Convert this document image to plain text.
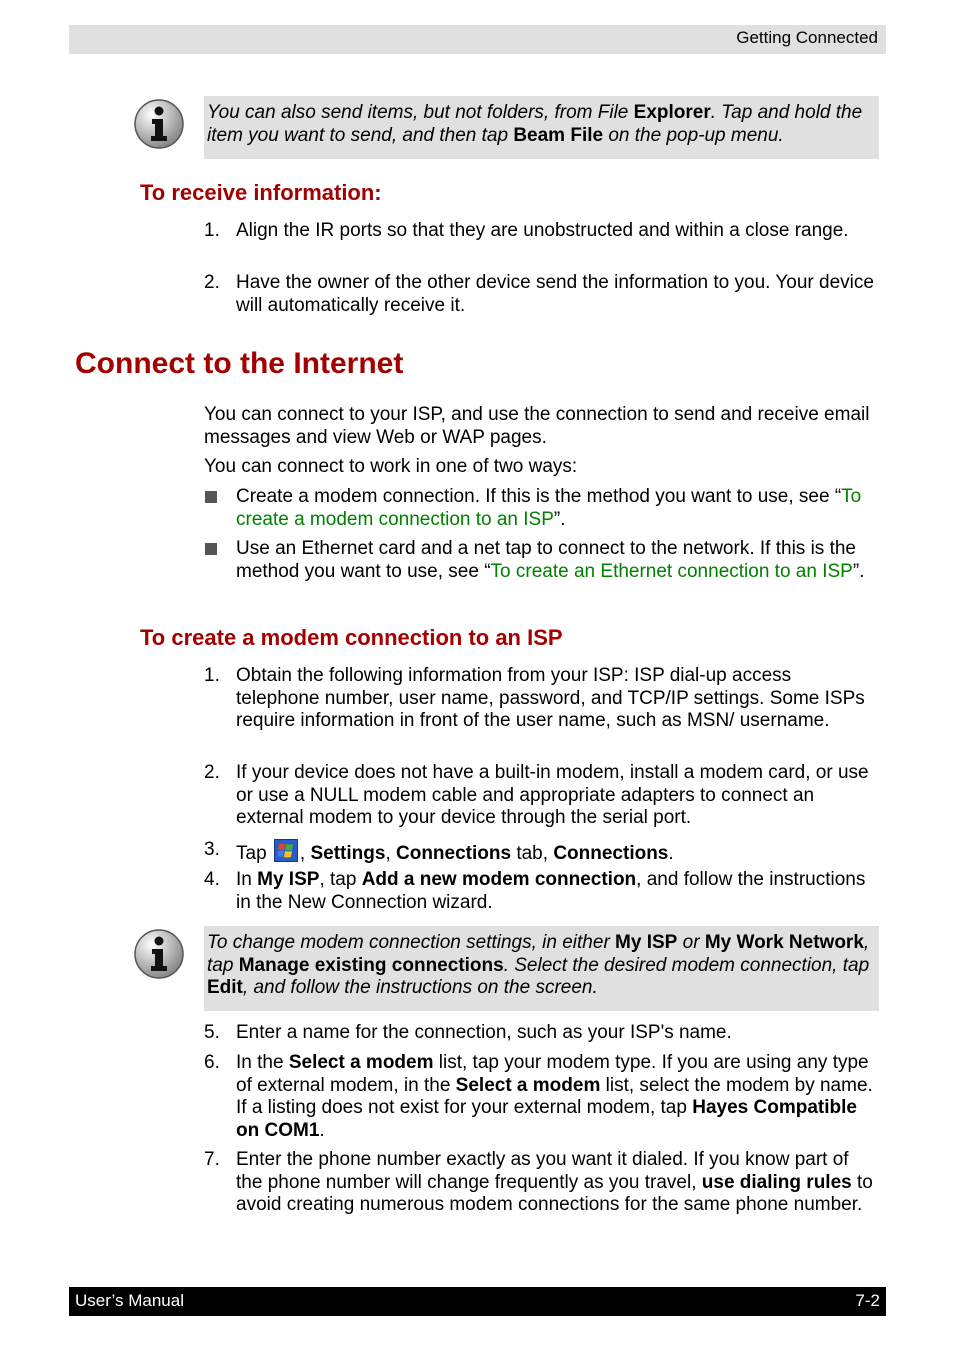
Getting Connected
You can also send items, but not folders, from File Explorer. Tap and hold the item you want to send, and then tap Beam File on the pop-up menu.
To receive information:
1. Align the IR ports so that they are unobstructed and within a close range.
2. Have the owner of the other device send the information to you. Your device will automatically receive it.
Connect to the Internet
You can connect to your ISP, and use the connection to send and receive email messages and view Web or WAP pages.
You can connect to work in one of two ways:
Create a modem connection. If this is the method you want to use, see “To create a modem connection to an ISP”.
Use an Ethernet card and a net tap to connect to the network. If this is the method you want to use, see “To create an Ethernet connection to an ISP”.
To create a modem connection to an ISP
1. Obtain the following information from your ISP: ISP dial-up access telephone number, user name, password, and TCP/IP settings. Some ISPs require information in front of the user name, such as MSN/ username.
2. If your device does not have a built-in modem, install a modem card, or use or use a NULL modem cable and appropriate adapters to connect an external modem to your device through the serial port.
3. Tap , Settings, Connections tab, Connections.
4. In My ISP, tap Add a new modem connection, and follow the instructions in the New Connection wizard.
To change modem connection settings, in either My ISP or My Work Network, tap Manage existing connections. Select the desired modem connection, tap Edit, and follow the instructions on the screen.
5. Enter a name for the connection, such as your ISP's name.
6. In the Select a modem list, tap your modem type. If you are using any type of external modem, in the Select a modem list, select the modem by name. If a listing does not exist for your external modem, tap Hayes Compatible on COM1.
7. Enter the phone number exactly as you want it dialed. If you know part of the phone number will change frequently as you travel, use dialing rules to avoid creating numerous modem connections for the same phone number.
User’s Manual	7-2
